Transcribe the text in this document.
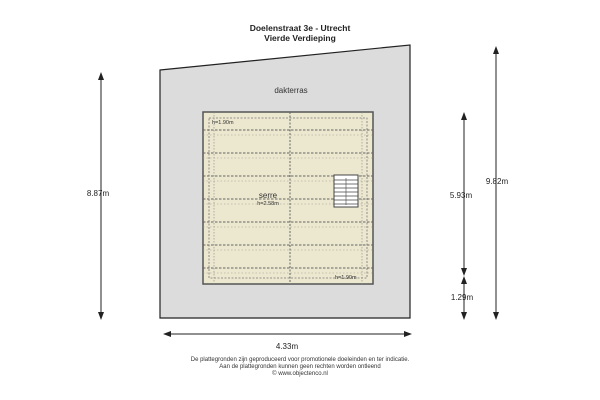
Doelenstraat 3e - Utrecht
Vierde Verdieping
dakterras
serre
h=2.58m
h=1.90m
h=1.90m
8.87m
9.82m
5.93m
1.29m
4.33m
De plattegronden zijn geproduceerd voor promotionele doeleinden en ter indicatie.
Aan de plattegronden kunnen geen rechten worden ontleend
© www.objectenco.nl
